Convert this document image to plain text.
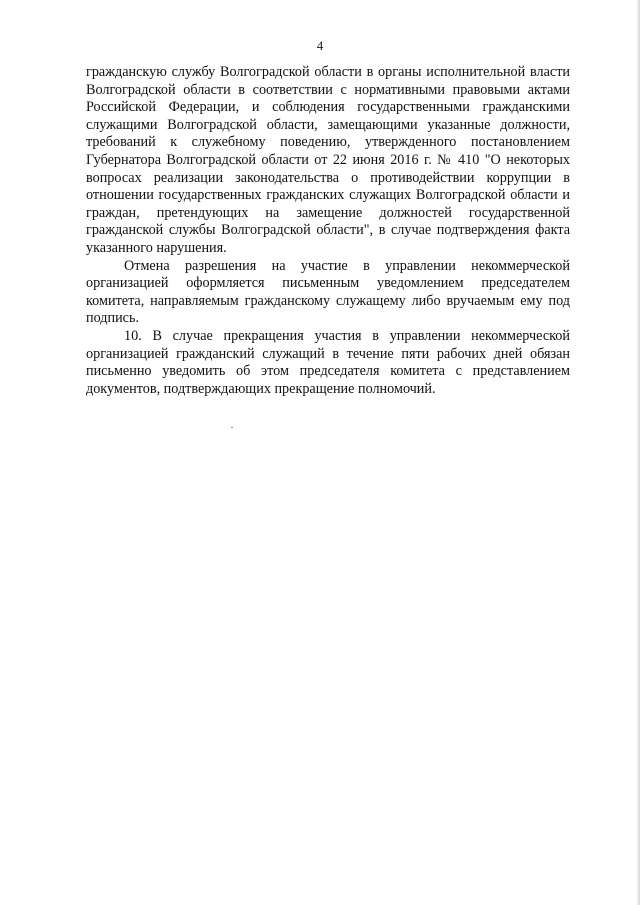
4

гражданскую службу Волгоградской области в органы исполнительной власти Волгоградской области в соответствии с нормативными правовыми актами Российской Федерации, и соблюдения государственными гражданскими служащими Волгоградской области, замещающими указанные должности, требований к служебному поведению, утвержденного постановлением Губернатора Волгоградской области от 22 июня 2016 г. № 410 "О некоторых вопросах реализации законодательства о противодействии коррупции в отношении государственных гражданских служащих Волгоградской области и граждан, претендующих на замещение должностей государственной гражданской службы Волгоградской области", в случае подтверждения факта указанного нарушения.

Отмена разрешения на участие в управлении некоммерческой организацией оформляется письменным уведомлением председателем комитета, направляемым гражданскому служащему либо вручаемым ему под подпись.

10. В случае прекращения участия в управлении некоммерческой организацией гражданский служащий в течение пяти рабочих дней обязан письменно уведомить об этом председателя комитета с представлением документов, подтверждающих прекращение полномочий.
